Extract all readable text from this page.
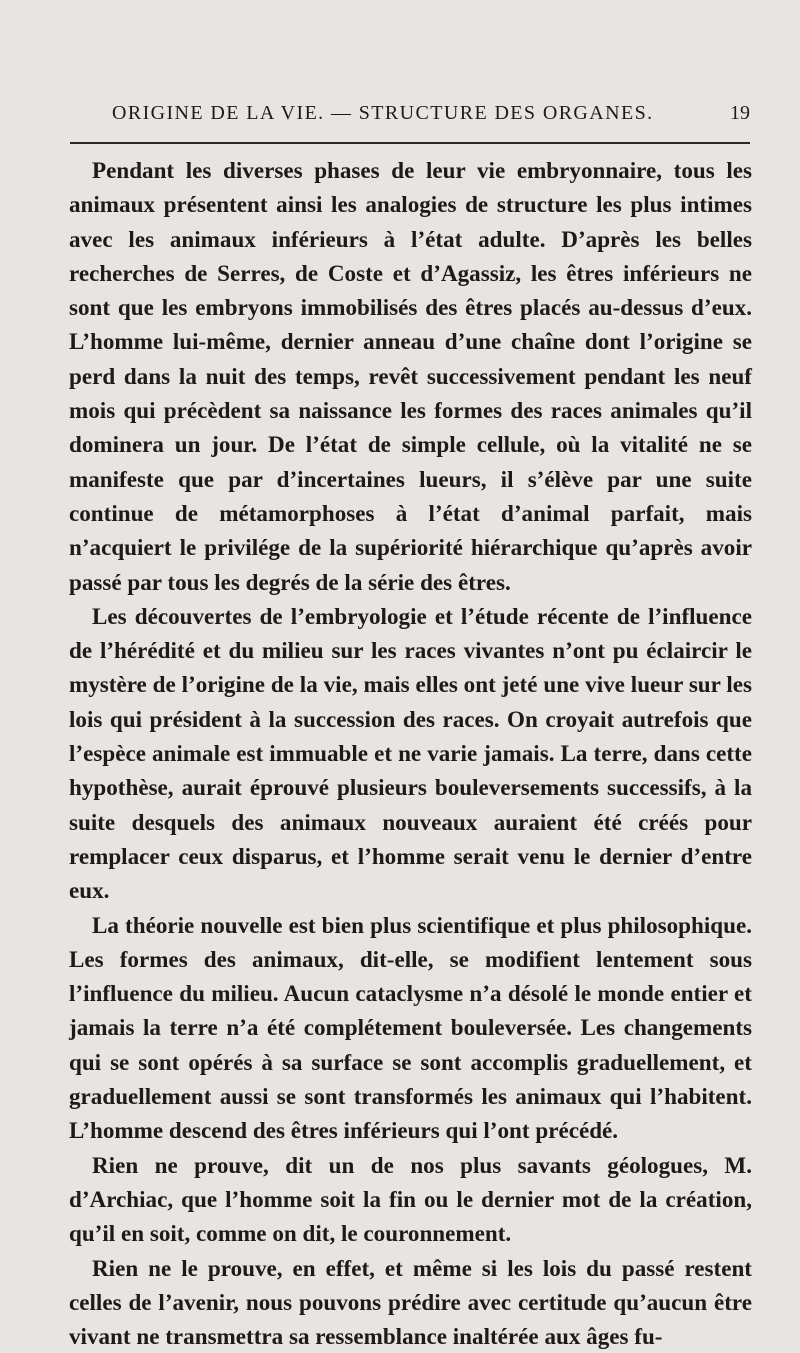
ORIGINE DE LA VIE. — STRUCTURE DES ORGANES.	19

Pendant les diverses phases de leur vie embryonnaire, tous les animaux présentent ainsi les analogies de structure les plus intimes avec les animaux inférieurs à l’état adulte. D’après les belles recherches de Serres, de Coste et d’Agassiz, les êtres inférieurs ne sont que les embryons immobilisés des êtres placés au-dessus d’eux. L’homme lui-même, dernier anneau d’une chaîne dont l’origine se perd dans la nuit des temps, revêt successivement pendant les neuf mois qui précèdent sa naissance les formes des races animales qu’il dominera un jour. De l’état de simple cellule, où la vitalité ne se manifeste que par d’incertaines lueurs, il s’élève par une suite continue de métamorphoses à l’état d’animal parfait, mais n’acquiert le privilége de la supériorité hiérarchique qu’après avoir passé par tous les degrés de la série des êtres.

Les découvertes de l’embryologie et l’étude récente de l’influence de l’hérédité et du milieu sur les races vivantes n’ont pu éclaircir le mystère de l’origine de la vie, mais elles ont jeté une vive lueur sur les lois qui président à la succession des races. On croyait autrefois que l’espèce animale est immuable et ne varie jamais. La terre, dans cette hypothèse, aurait éprouvé plusieurs bouleversements successifs, à la suite desquels des animaux nouveaux auraient été créés pour remplacer ceux disparus, et l’homme serait venu le dernier d’entre eux.

La théorie nouvelle est bien plus scientifique et plus philosophique. Les formes des animaux, dit-elle, se modifient lentement sous l’influence du milieu. Aucun cataclysme n’a désolé le monde entier et jamais la terre n’a été complétement bouleversée. Les changements qui se sont opérés à sa surface se sont accomplis graduellement, et graduellement aussi se sont transformés les animaux qui l’habitent. L’homme descend des êtres inférieurs qui l’ont précédé.

Rien ne prouve, dit un de nos plus savants géologues, M. d’Archiac, que l’homme soit la fin ou le dernier mot de la création, qu’il en soit, comme on dit, le couronnement.

Rien ne le prouve, en effet, et même si les lois du passé restent celles de l’avenir, nous pouvons prédire avec certitude qu’aucun être vivant ne transmettra sa ressemblance inaltérée aux âges fu-
